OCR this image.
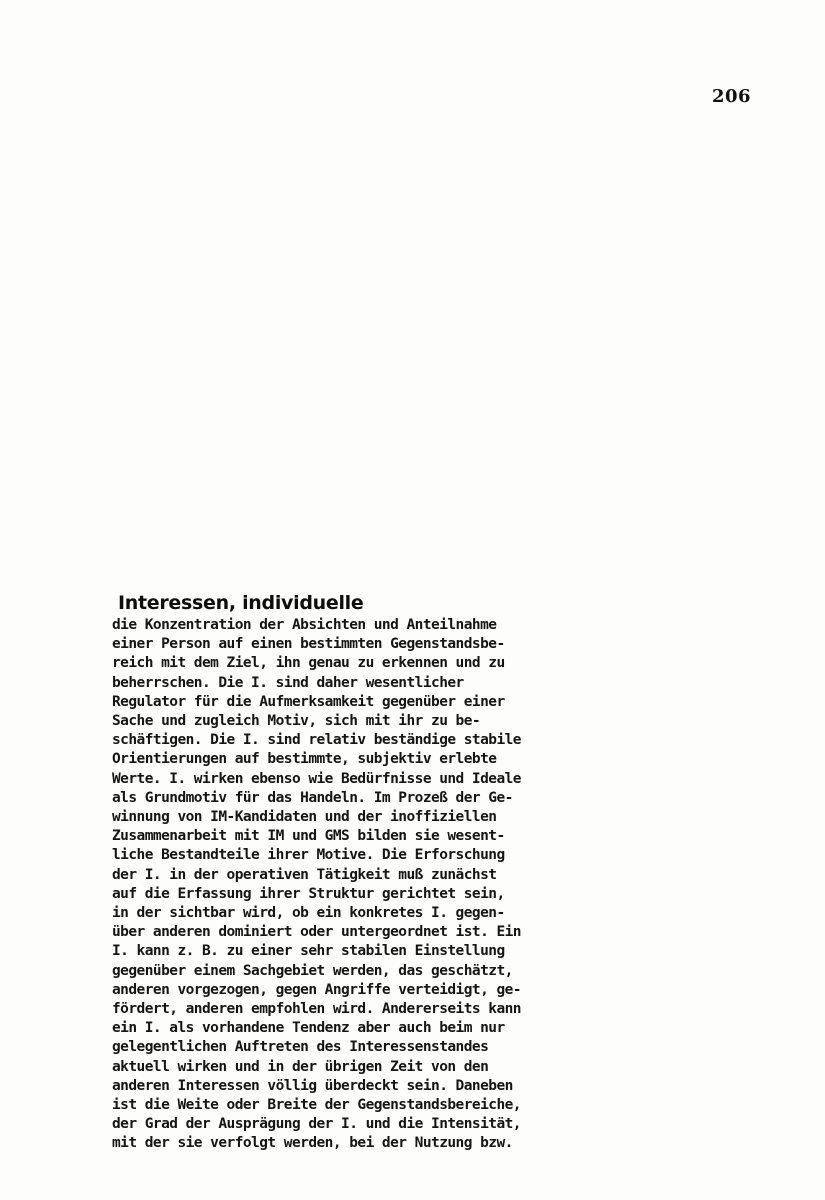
206
Interessen, individuelle
die Konzentration der Absichten und Anteilnahme
einer Person auf einen bestimmten Gegenstandsbe-
reich mit dem Ziel, ihn genau zu erkennen und zu
beherrschen. Die I. sind daher wesentlicher
Regulator für die Aufmerksamkeit gegenüber einer
Sache und zugleich Motiv, sich mit ihr zu be-
schäftigen. Die I. sind relativ beständige stabile
Orientierungen auf bestimmte, subjektiv erlebte
Werte. I. wirken ebenso wie Bedürfnisse und Ideale
als Grundmotiv für das Handeln. Im Prozeß der Ge-
winnung von IM-Kandidaten und der inoffiziellen
Zusammenarbeit mit IM und GMS bilden sie wesent-
liche Bestandteile ihrer Motive. Die Erforschung
der I. in der operativen Tätigkeit muß zunächst
auf die Erfassung ihrer Struktur gerichtet sein,
in der sichtbar wird, ob ein konkretes I. gegen-
über anderen dominiert oder untergeordnet ist. Ein
I. kann z. B. zu einer sehr stabilen Einstellung
gegenüber einem Sachgebiet werden, das geschätzt,
anderen vorgezogen, gegen Angriffe verteidigt, ge-
fördert, anderen empfohlen wird. Andererseits kann
ein I. als vorhandene Tendenz aber auch beim nur
gelegentlichen Auftreten des Interessenstandes
aktuell wirken und in der übrigen Zeit von den
anderen Interessen völlig überdeckt sein. Daneben
ist die Weite oder Breite der Gegenstandsbereiche,
der Grad der Ausprägung der I. und die Intensität,
mit der sie verfolgt werden, bei der Nutzung bzw.
